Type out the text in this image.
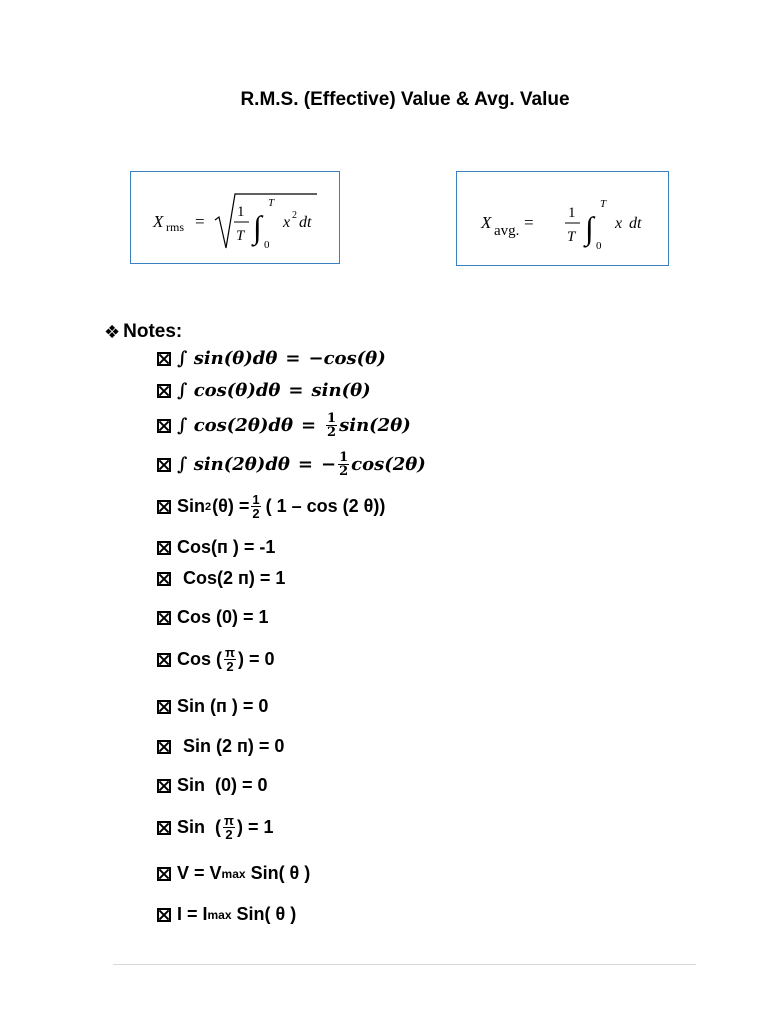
R.M.S. (Effective) Value & Avg. Value
X rms = 1
T ∫
T
0
x 2 dt	X avg. = 1
T ∫
T
0
x dt
❖ Notes:
∫ sin(θ)dθ = −cos(θ)
∫ cos(θ)dθ = sin(θ)
∫ $\cos(2\theta)d\theta = \frac{1}{2} \sin(2\theta)$
∫ sin(2θ)dθ = − $\frac{1}{2} \cos(2\theta)$
Sin 2 $(\theta) = \frac{1}{2}$ ( 1 – cos (2 θ))
Cos(ᴨ ) = -1
Cos(2 ᴨ) = 1
Cos (0) = 1
Cos ( $\frac{\pi}{2}$ ) = 0
Sin (ᴨ ) = 0
Sin (2 ᴨ) = 0
Sin  (0) = 0
Sin  ( $\frac{\pi}{2}$ ) = 1
V = V max Sin( θ )
I = I max Sin( θ )
